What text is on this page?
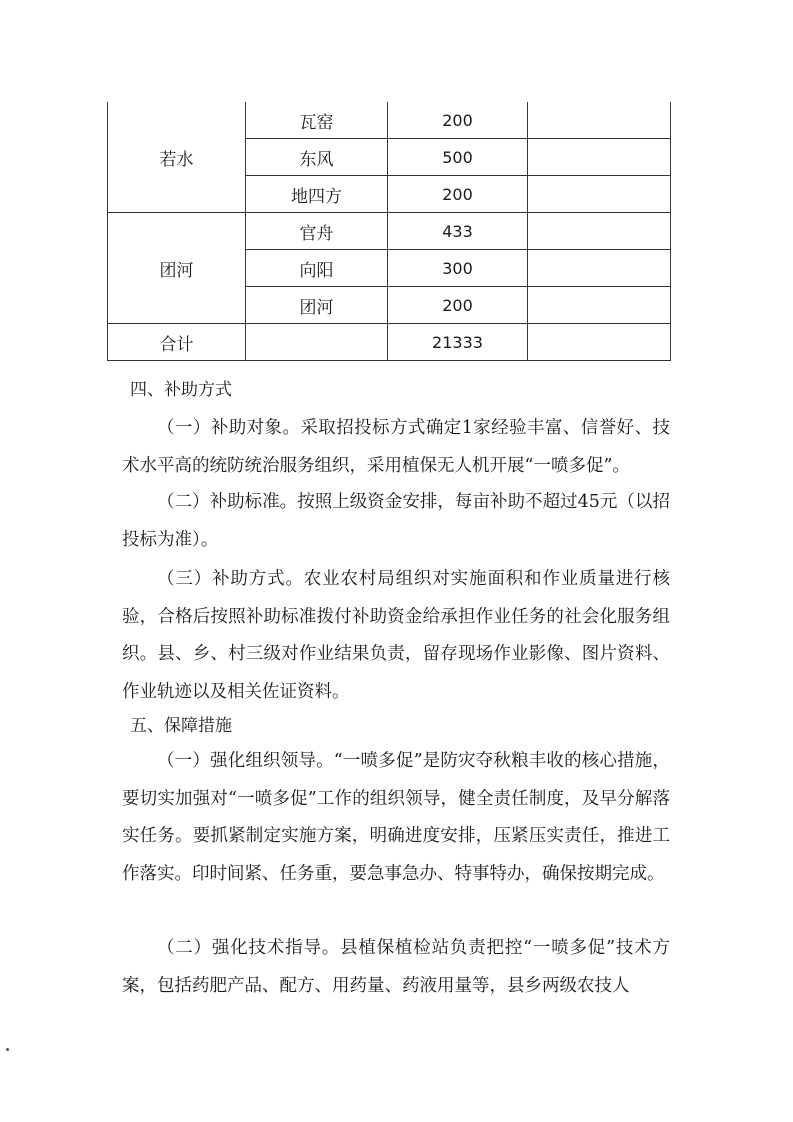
若水	瓦窑	200	
	东风	500	
	地四方	200	
团河	官舟	433	
	向阳	300	
	团河	200	
合计		21333	
四、补助方式
（一）补助对象。采取招投标方式确定1家经验丰富、信誉好、技术水平高的统防统治服务组织，采用植保无人机开展“一喷多促”。
（二）补助标准。按照上级资金安排，每亩补助不超过45元（以招投标为准）。
（三）补助方式。农业农村局组织对实施面积和作业质量进行核验，合格后按照补助标准拨付补助资金给承担作业任务的社会化服务组织。县、乡、村三级对作业结果负责，留存现场作业影像、图片资料、作业轨迹以及相关佐证资料。
五、保障措施
（一）强化组织领导。“一喷多促”是防灾夺秋粮丰收的核心措施，要切实加强对“一喷多促”工作的组织领导，健全责任制度，及早分解落实任务。要抓紧制定实施方案，明确进度安排，压紧压实责任，推进工作落实。印时间紧、任务重，要急事急办、特事特办，确保按期完成。
（二）强化技术指导。县植保植检站负责把控“一喷多促”技术方案，包括药肥产品、配方、用药量、药液用量等，县乡两级农技人
